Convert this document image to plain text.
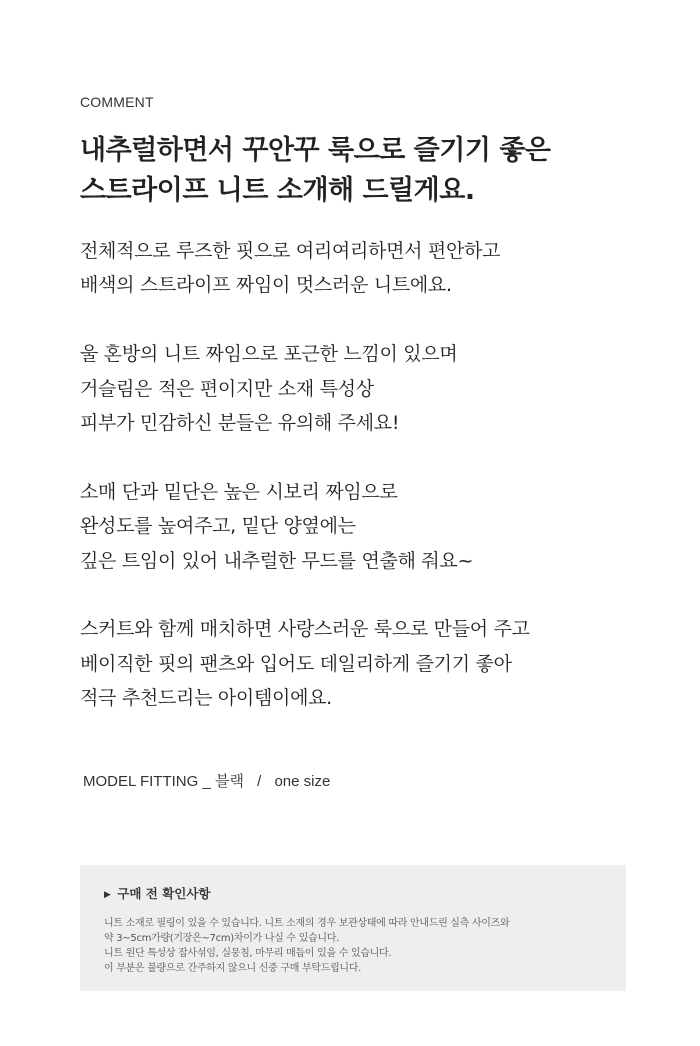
COMMENT
내추럴하면서 꾸안꾸 룩으로 즐기기 좋은
스트라이프 니트 소개해 드릴게요.

전체적으로 루즈한 핏으로 여리여리하면서 편안하고
배색의 스트라이프 짜임이 멋스러운 니트에요.

울 혼방의 니트 짜임으로 포근한 느낌이 있으며
거슬림은 적은 편이지만 소재 특성상
피부가 민감하신 분들은 유의해 주세요!

소매 단과 밑단은 높은 시보리 짜임으로
완성도를 높여주고, 밑단 양옆에는
깊은 트임이 있어 내추럴한 무드를 연출해 줘요~

스커트와 함께 매치하면 사랑스러운 룩으로 만들어 주고
베이직한 핏의 팬츠와 입어도 데일리하게 즐기기 좋아
적극 추천드리는 아이템이에요.

MODEL FITTING _ 블랙 / one size
▶ 구매 전 확인사항
니트 소재로 필링이 있을 수 있습니다. 니트 소재의 경우 보관상태에 따라 안내드린 실측 사이즈와
약 3~5cm가량(기장은~7cm)차이가 나실 수 있습니다.
니트 원단 특성상 잡사섞임, 실뭉침, 마무리 매듭이 있을 수 있습니다.
이 부분은 불량으로 간주하지 않으니 신중 구매 부탁드립니다.
